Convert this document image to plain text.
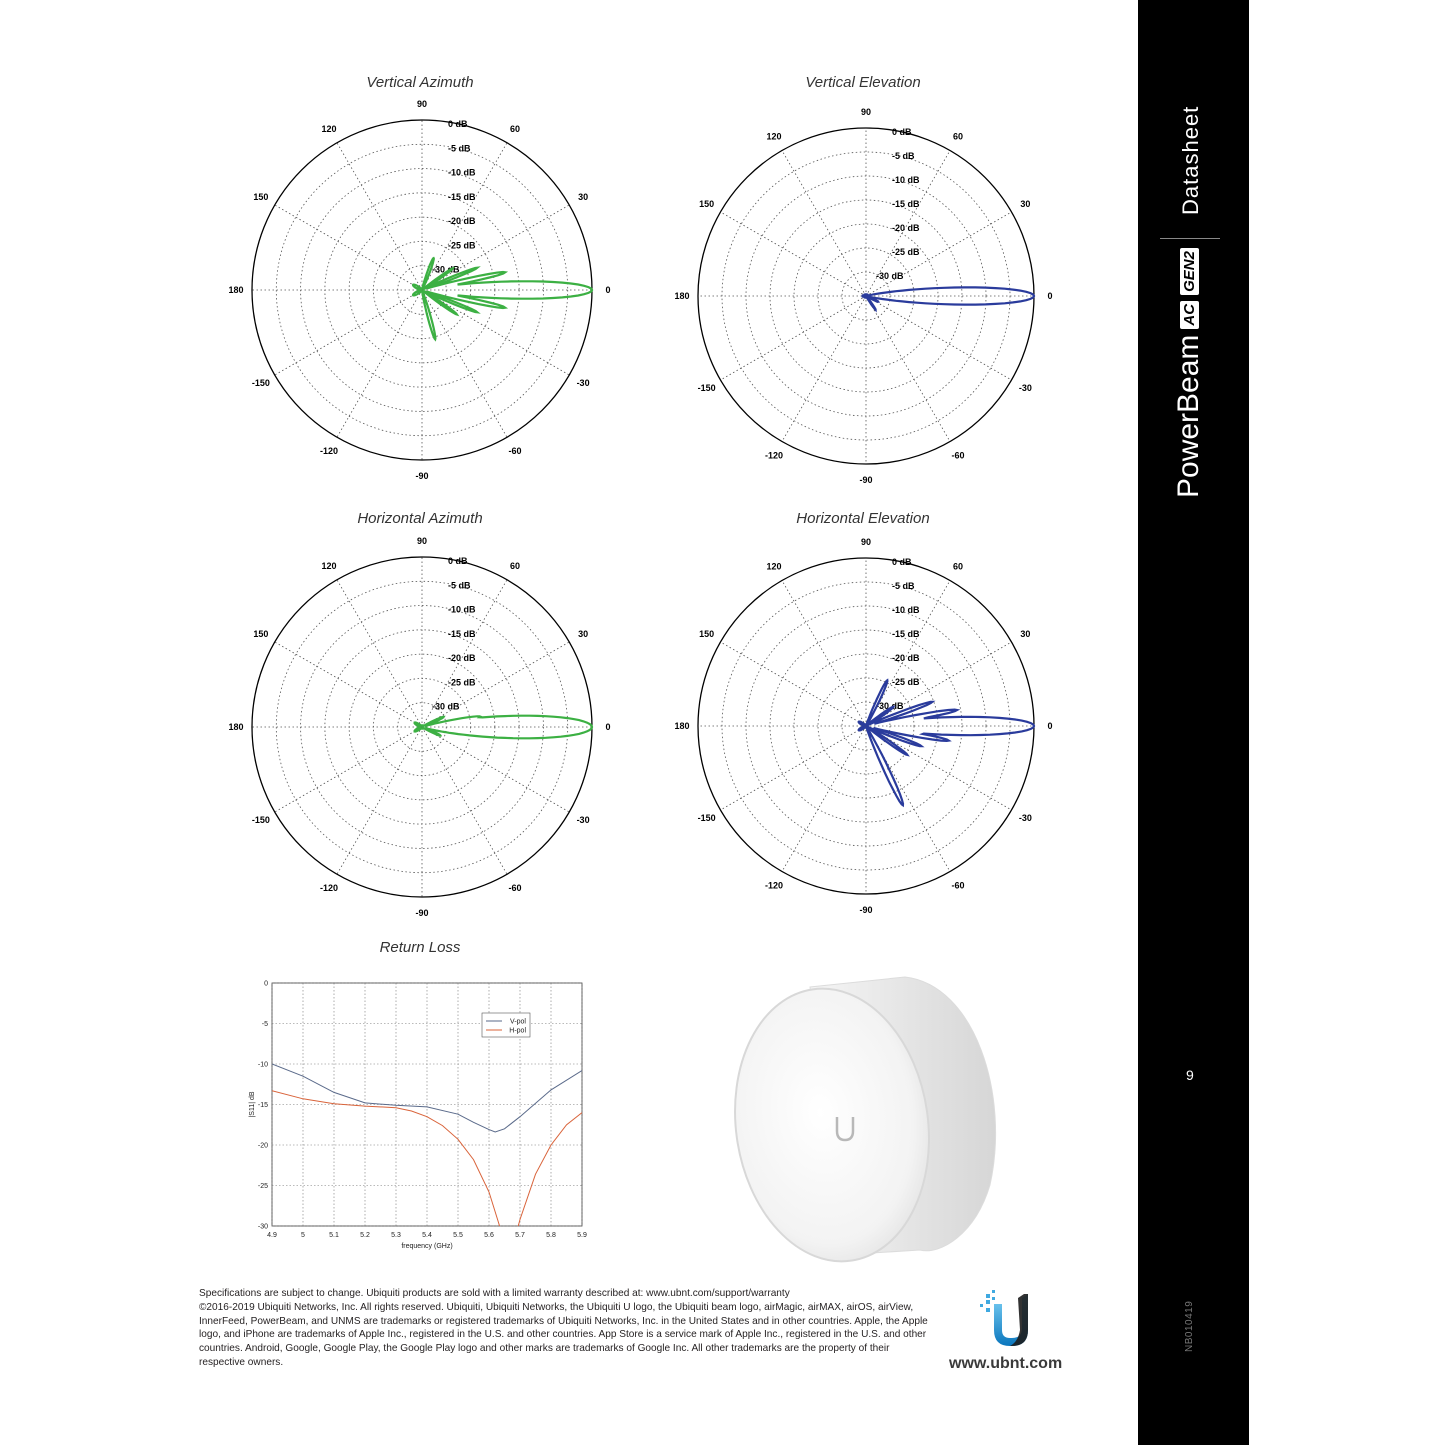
Vertical Azimuth	Vertical Elevation
Horizontal Azimuth	Horizontal Elevation
Return Loss
0
30
60
90
120
150
180
-150
-120
-90
-60
-30
0 dB
-5 dB
-10 dB
-15 dB
-20 dB
-25 dB
-30 dB
0
30
60
90
120
150
180
-150
-120
-90
-60
-30
0 dB
-5 dB
-10 dB
-15 dB
-20 dB
-25 dB
-30 dB
0
30
60
90
120
150
180
-150
-120
-90
-60
-30
0 dB
-5 dB
-10 dB
-15 dB
-20 dB
-25 dB
-30 dB
0
30
60
90
120
150
180
-150
-120
-90
-60
-30
0 dB
-5 dB
-10 dB
-15 dB
-20 dB
-25 dB
-30 dB
4.9	5	5.1	5.2	5.3	5.4	5.5	5.6	5.7	5.8	5.9
0
-5
-10
-15
-20
-25
-30
frequency (GHz)
|S11| dB
V-pol
H-pol
Datasheet
PowerBeam
AC
GEN2
NB010419
9

Specifications are subject to change. Ubiquiti products are sold with a limited warranty described at: www.ubnt.com/support/warranty

©2016-2019 Ubiquiti Networks, Inc. All rights reserved. Ubiquiti, Ubiquiti Networks, the Ubiquiti U logo, the Ubiquiti beam logo, airMagic, airMAX, airOS, airView, InnerFeed, PowerBeam, and UNMS are trademarks or registered trademarks of Ubiquiti Networks, Inc. in the United States and in other countries. Apple, the Apple logo, and iPhone are trademarks of Apple Inc., registered in the U.S. and other countries. App Store is a service mark of Apple Inc., registered in the U.S. and other countries. Android, Google, Google Play, the Google Play logo and other marks are trademarks of Google Inc. All other trademarks are the property of their respective owners.	www.ubnt.com
